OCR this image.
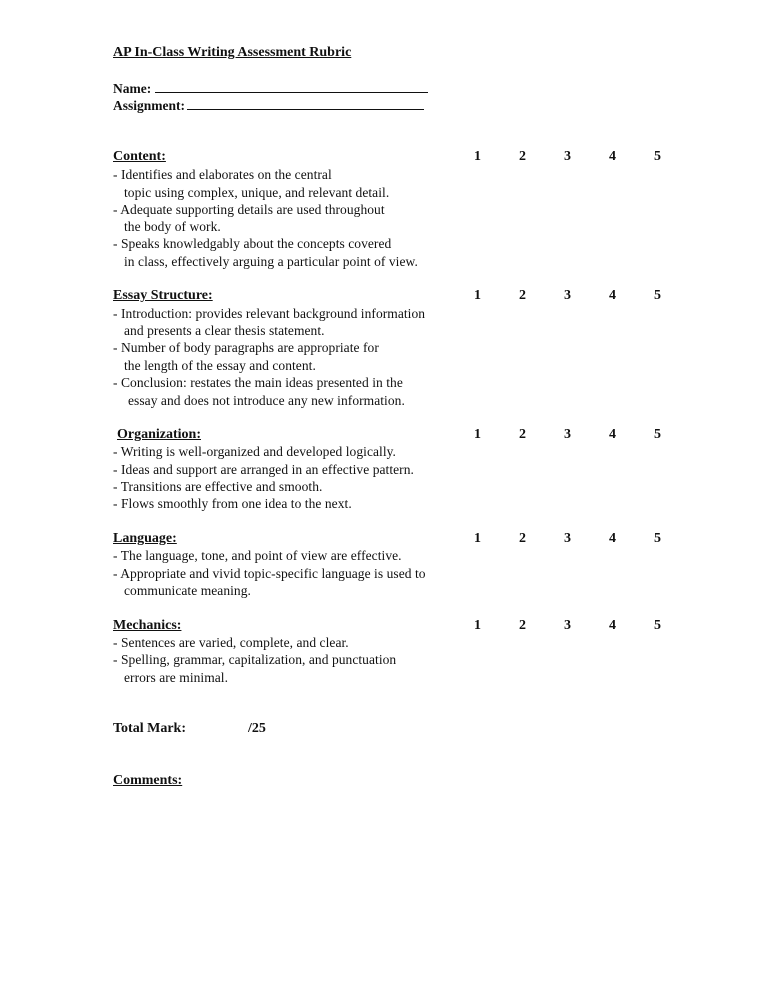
AP In-Class Writing Assessment Rubric
Name:
Assignment:
Content:	1	2	3	4	5
- Identifies and elaborates on the central
topic using complex, unique, and relevant detail.
- Adequate supporting details are used throughout
the body of work.
- Speaks knowledgably about the concepts covered
in class, effectively arguing a particular point of view.
Essay Structure:	1	2	3	4	5
- Introduction: provides relevant background information
and presents a clear thesis statement.
- Number of body paragraphs are appropriate for
the length of the essay and content.
- Conclusion: restates the main ideas presented in the
essay and does not introduce any new information.
Organization:	1	2	3	4	5
- Writing is well-organized and developed logically.
- Ideas and support are arranged in an effective pattern.
- Transitions are effective and smooth.
- Flows smoothly from one idea to the next.
Language:	1	2	3	4	5
- The language, tone, and point of view are effective.
- Appropriate and vivid topic-specific language is used to
communicate meaning.
Mechanics:	1	2	3	4	5
- Sentences are varied, complete, and clear.
- Spelling, grammar, capitalization, and punctuation
errors are minimal.
Total Mark:	/25
Comments:
